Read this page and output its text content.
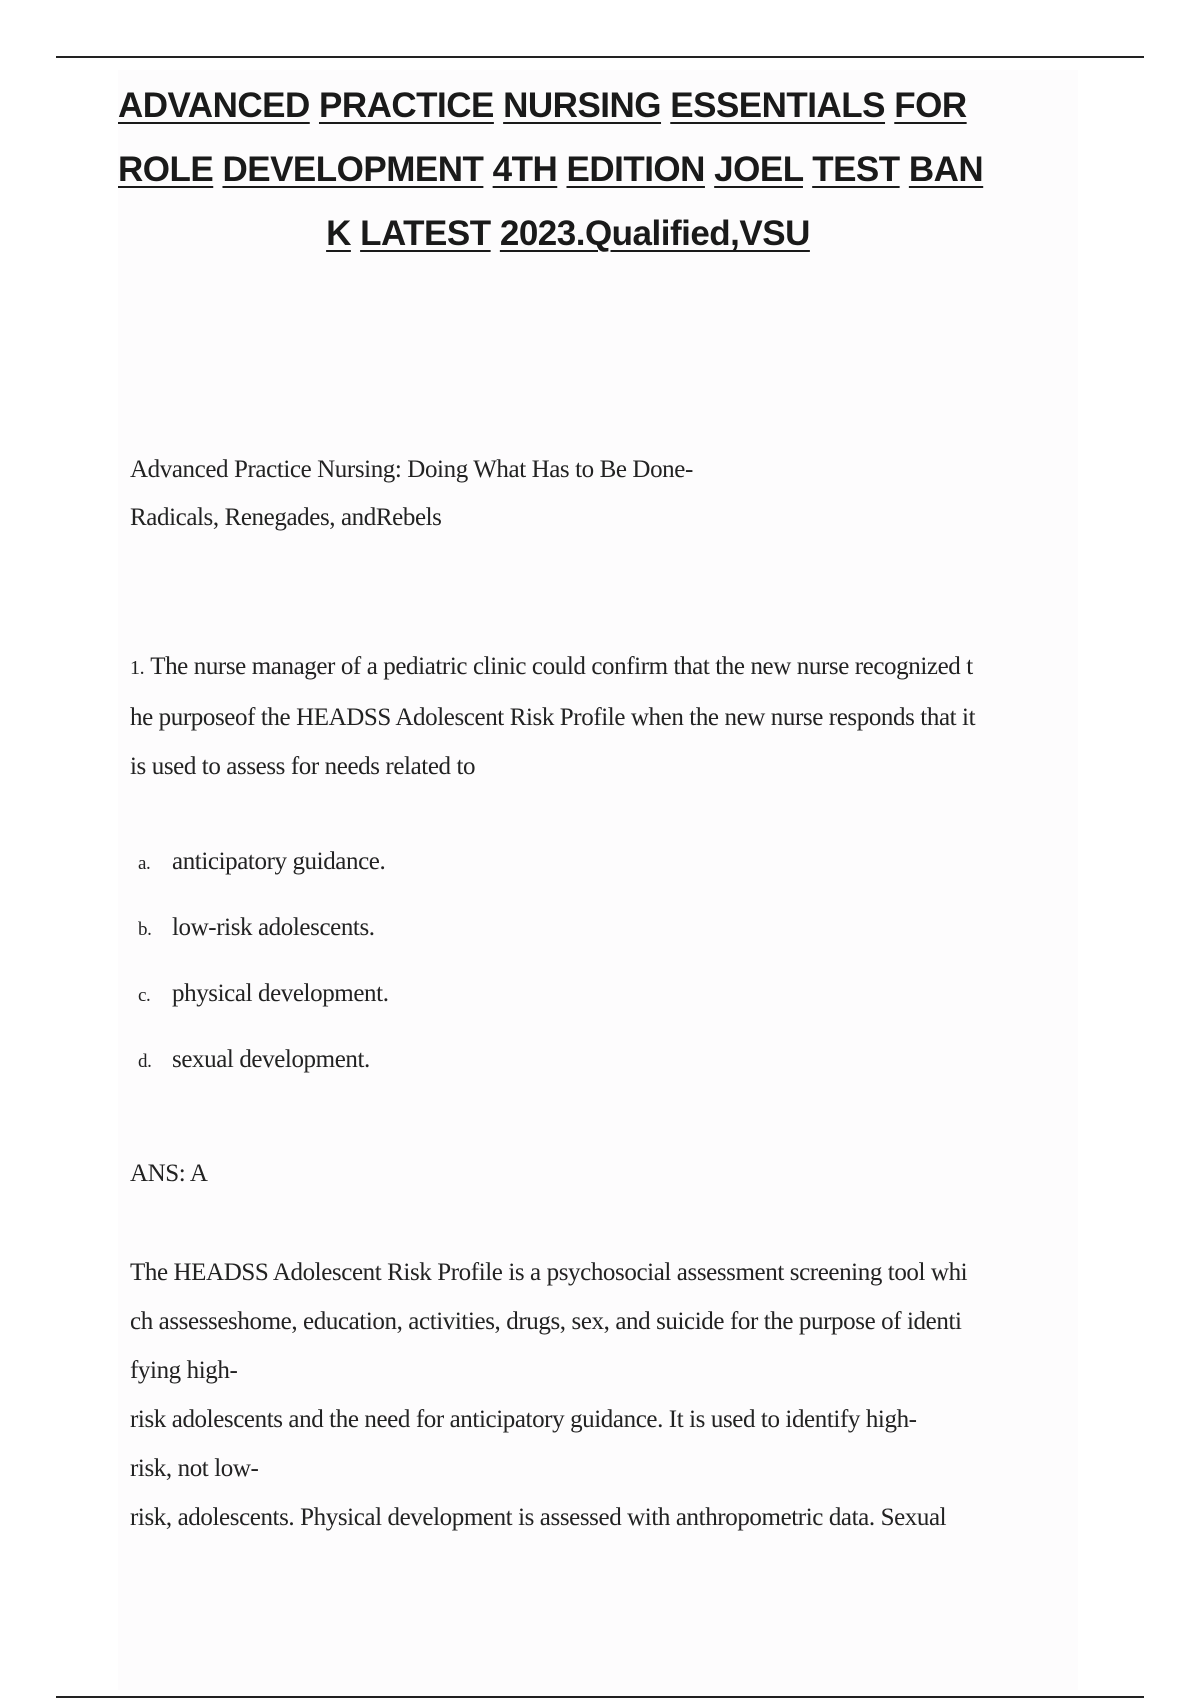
ADVANCED PRACTICE NURSING ESSENTIALS FOR
ROLE DEVELOPMENT 4TH EDITION JOEL TEST BAN
K LATEST 2023.Qualified,VSU
Advanced Practice Nursing: Doing What Has to Be Done-
Radicals, Renegades, andRebels
1. The nurse manager of a pediatric clinic could confirm that the new nurse recognized t
he purposeof the HEADSS Adolescent Risk Profile when the new nurse responds that it
is used to assess for needs related to
a. anticipatory guidance.
b. low-risk adolescents.
c. physical development.
d. sexual development.
ANS: A
The HEADSS Adolescent Risk Profile is a psychosocial assessment screening tool whi
ch assesseshome, education, activities, drugs, sex, and suicide for the purpose of identi
fying high-
risk adolescents and the need for anticipatory guidance. It is used to identify high-
risk, not low-
risk, adolescents. Physical development is assessed with anthropometric data. Sexual
